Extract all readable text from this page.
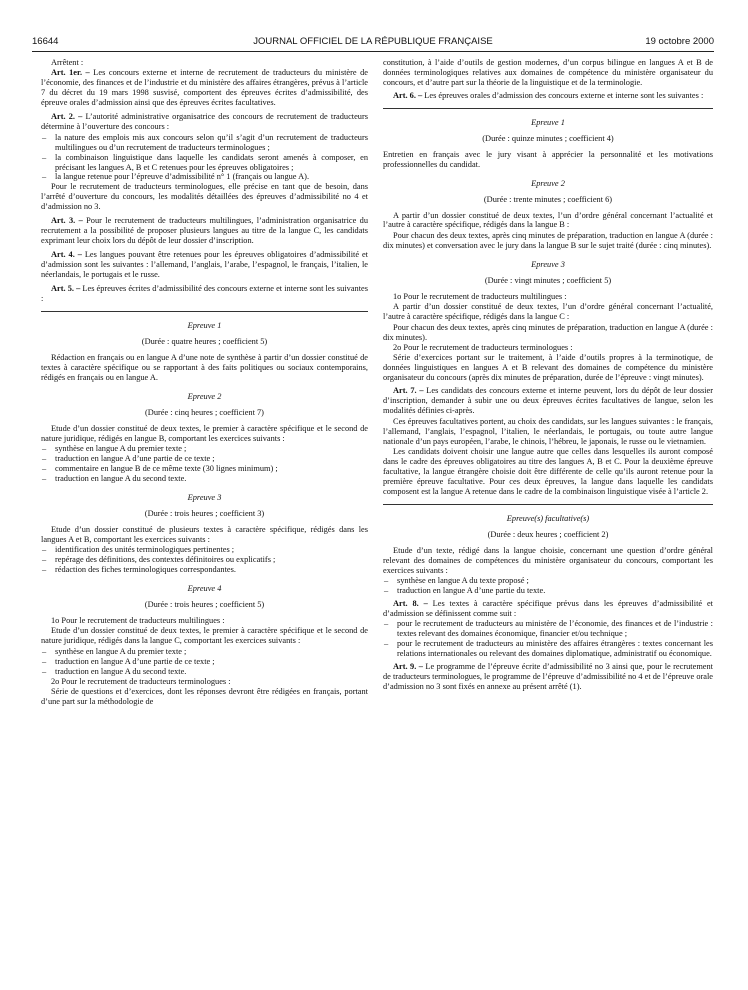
16644	JOURNAL OFFICIEL DE LA RÉPUBLIQUE FRANÇAISE	19 octobre 2000

Arrêtent :

Art. 1er. – Les concours externe et interne de recrutement de traducteurs du ministère de l’économie, des finances et de l’industrie et du ministère des affaires étrangères, prévus à l’article 7 du décret du 19 mars 1998 susvisé, comportent des épreuves écrites d’admissibilité, des épreuve orales d’admission ainsi que des épreuves écrites facultatives.

Art. 2. – L’autorité administrative organisatrice des concours de recrutement de traducteurs détermine à l’ouverture des concours :

– la nature des emplois mis aux concours selon qu’il s’agit d’un recrutement de traducteurs multilingues ou d’un recrutement de traducteurs terminologues ;
– la combinaison linguistique dans laquelle les candidats seront amenés à composer, en précisant les langues A, B et C retenues pour les épreuves obligatoires ;
– la langue retenue pour l’épreuve d’admissibilité n° 1 (français ou langue A).

Pour le recrutement de traducteurs terminologues, elle précise en tant que de besoin, dans l’arrêté d’ouverture du concours, les modalités détaillées des épreuves d’admissibilité no 4 et d’admission no 3.

Art. 3. – Pour le recrutement de traducteurs multilingues, l’administration organisatrice du recrutement a la possibilité de proposer plusieurs langues au titre de la langue C, les candidats exprimant leur choix lors du dépôt de leur dossier d’inscription.

Art. 4. – Les langues pouvant être retenues pour les épreuves obligatoires d’admissibilité et d’admission sont les suivantes : l’allemand, l’anglais, l’arabe, l’espagnol, le français, l’italien, le néerlandais, le portugais et le russe.

Art. 5. – Les épreuves écrites d’admissibilité des concours externe et interne sont les suivantes :

Epreuve 1

(Durée : quatre heures ; coefficient 5)

Rédaction en français ou en langue A d’une note de synthèse à partir d’un dossier constitué de textes à caractère spécifique ou se rapportant à des faits politiques ou sociaux contemporains, rédigés en français ou en langue A.

Epreuve 2

(Durée : cinq heures ; coefficient 7)

Etude d’un dossier constitué de deux textes, le premier à caractère spécifique et le second de nature juridique, rédigés en langue B, comportant les exercices suivants :

– synthèse en langue A du premier texte ;
– traduction en langue A d’une partie de ce texte ;
– commentaire en langue B de ce même texte (30 lignes minimum) ;
– traduction en langue A du second texte.

Epreuve 3

(Durée : trois heures ; coefficient 3)

Etude d’un dossier constitué de plusieurs textes à caractère spécifique, rédigés dans les langues A et B, comportant les exercices suivants :

– identification des unités terminologiques pertinentes ;
– repérage des définitions, des contextes définitoires ou explicatifs ;
– rédaction des fiches terminologiques correspondantes.

Epreuve 4

(Durée : trois heures ; coefficient 5)

1o Pour le recrutement de traducteurs multilingues :

Etude d’un dossier constitué de deux textes, le premier à caractère spécifique et le second de nature juridique, rédigés dans la langue C, comportant les exercices suivants :

– synthèse en langue A du premier texte ;
– traduction en langue A d’une partie de ce texte ;
– traduction en langue A du second texte.

2o Pour le recrutement de traducteurs terminologues :

Série de questions et d’exercices, dont les réponses devront être rédigées en français, portant d’une part sur la méthodologie de

constitution, à l’aide d’outils de gestion modernes, d’un corpus bilingue en langues A et B de données terminologiques relatives aux domaines de compétence du ministère organisateur du concours, et d’autre part sur la théorie de la linguistique et de la terminologie.

Art. 6. – Les épreuves orales d’admission des concours externe et interne sont les suivantes :

Epreuve 1

(Durée : quinze minutes ; coefficient 4)

Entretien en français avec le jury visant à apprécier la personnalité et les motivations professionnelles du candidat.

Epreuve 2

(Durée : trente minutes ; coefficient 6)

A partir d’un dossier constitué de deux textes, l’un d’ordre général concernant l’actualité et l’autre à caractère spécifique, rédigés dans la langue B :

Pour chacun des deux textes, après cinq minutes de préparation, traduction en langue A (durée : dix minutes) et conversation avec le jury dans la langue B sur le sujet traité (durée : cinq minutes).

Epreuve 3

(Durée : vingt minutes ; coefficient 5)

1o Pour le recrutement de traducteurs multilingues :

A partir d’un dossier constitué de deux textes, l’un d’ordre général concernant l’actualité, l’autre à caractère spécifique, rédigés dans la langue C :

Pour chacun des deux textes, après cinq minutes de préparation, traduction en langue A (durée : dix minutes).

2o Pour le recrutement de traducteurs terminologues :

Série d’exercices portant sur le traitement, à l’aide d’outils propres à la terminotique, de données linguistiques en langues A et B relevant des domaines de compétence du ministère organisateur du concours (après dix minutes de préparation, durée de l’épreuve : vingt minutes).

Art. 7. – Les candidats des concours externe et interne peuvent, lors du dépôt de leur dossier d’inscription, demander à subir une ou deux épreuves écrites facultatives de langue, selon les modalités définies ci-après.

Ces épreuves facultatives portent, au choix des candidats, sur les langues suivantes : le français, l’allemand, l’anglais, l’espagnol, l’italien, le néerlandais, le portugais, ou toute autre langue nationale d’un pays européen, l’arabe, le chinois, l’hébreu, le japonais, le russe ou le vietnamien.

Les candidats doivent choisir une langue autre que celles dans lesquelles ils auront composé dans le cadre des épreuves obligatoires au titre des langues A, B et C. Pour la deuxième épreuve facultative, la langue étrangère choisie doit être différente de celle qu’ils auront retenue pour la première épreuve facultative. Pour ces deux épreuves, la langue dans laquelle les candidats composent est la langue A retenue dans le cadre de la combinaison linguistique visée à l’article 2.

Epreuve(s) facultative(s)

(Durée : deux heures ; coefficient 2)

Etude d’un texte, rédigé dans la langue choisie, concernant une question d’ordre général relevant des domaines de compétences du ministère organisateur du concours, comportant les exercices suivants :

– synthèse en langue A du texte proposé ;
– traduction en langue A d’une partie du texte.

Art. 8. – Les textes à caractère spécifique prévus dans les épreuves d’admissibilité et d’admission se définissent comme suit :

– pour le recrutement de traducteurs au ministère de l’économie, des finances et de l’industrie : textes relevant des domaines économique, financier et/ou technique ;
– pour le recrutement de traducteurs au ministère des affaires étrangères : textes concernant les relations internationales ou relevant des domaines diplomatique, administratif ou économique.

Art. 9. – Le programme de l’épreuve écrite d’admissibilité no 3 ainsi que, pour le recrutement de traducteurs terminologues, le programme de l’épreuve d’admissibilité no 4 et de l’épreuve orale d’admission no 3 sont fixés en annexe au présent arrêté (1).
